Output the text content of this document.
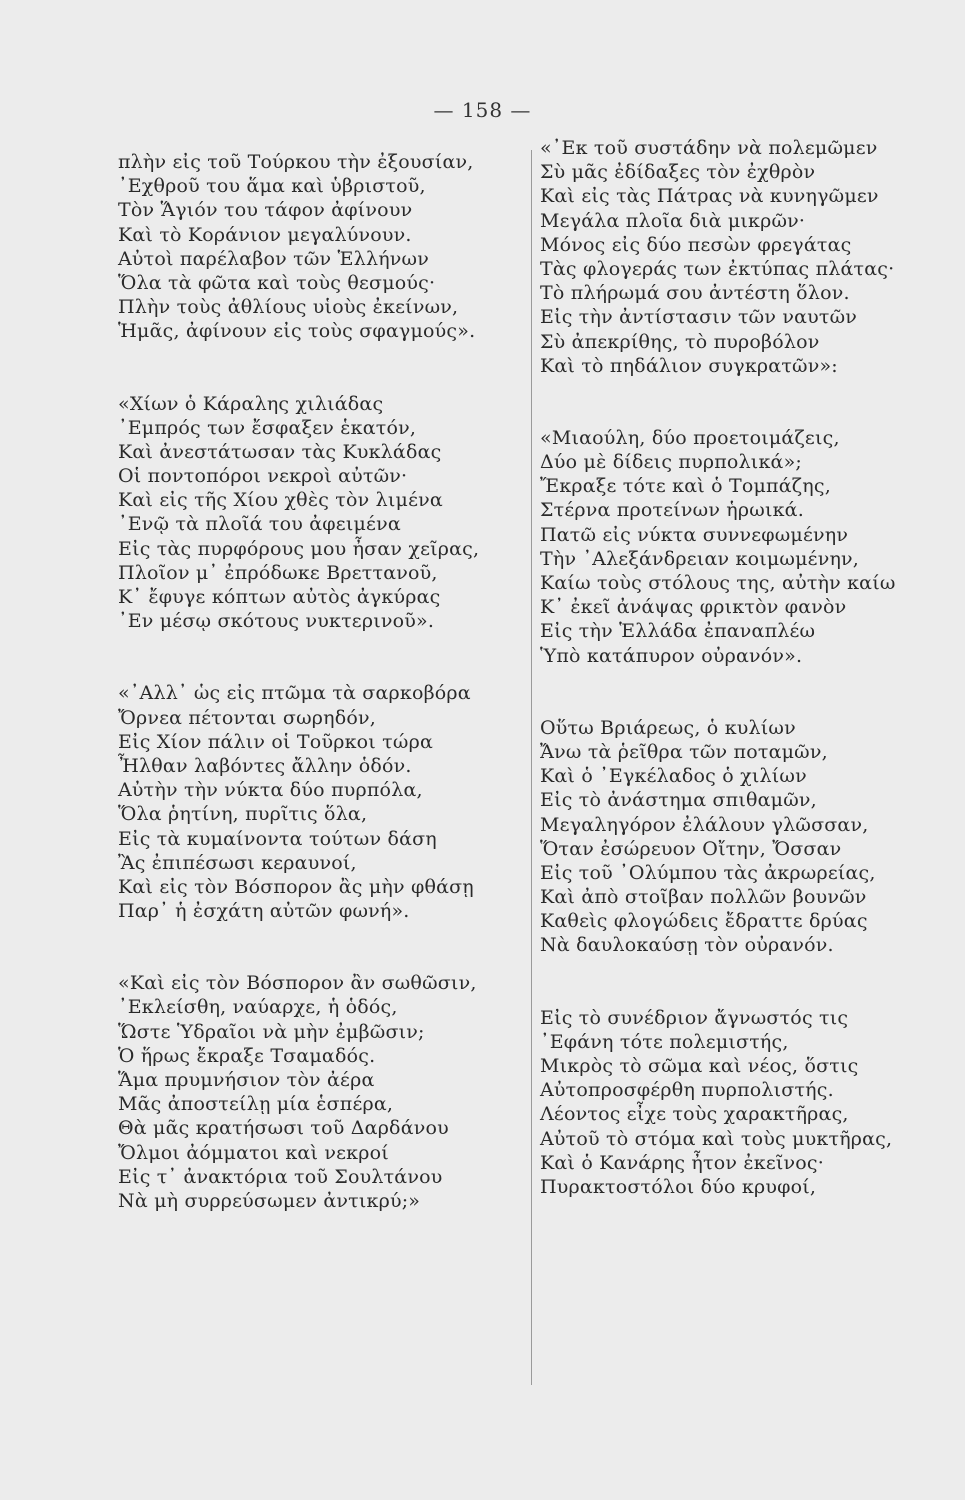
— 158 —
πλὴν εἰς τοῦ Τούρκου τὴν ἐξουσίαν,
᾿Εχθροῦ του ἅμα καὶ ὑβριστοῦ,
Τὸν Ἅγιόν του τάφον ἀφίνουν
Καὶ τὸ Κοράνιον μεγαλύνουν.
Αὐτοὶ παρέλαβον τῶν Ἑλλήνων
Ὅλα τὰ φῶτα καὶ τοὺς θεσμούς·
Πλὴν τοὺς ἀθλίους υἱοὺς ἐκείνων,
Ἡμᾶς, ἀφίνουν εἰς τοὺς σφαγμούς».
«Χίων ὁ Κάραλης χιλιάδας
᾿Εμπρός των ἔσφαξεν ἑκατόν,
Καὶ ἀνεστάτωσαν τὰς Κυκλάδας
Οἱ ποντοπόροι νεκροὶ αὐτῶν·
Καὶ εἰς τῆς Χίου χθὲς τὸν λιμένα
᾿Ενῷ τὰ πλοῖά του ἀφειμένα
Εἰς τὰς πυρφόρους μου ἦσαν χεῖρας,
Πλοῖον μ᾿ ἐπρόδωκε Βρεττανοῦ,
Κ᾿ ἔφυγε κόπτων αὐτὸς ἀγκύρας
᾿Εν μέσῳ σκότους νυκτερινοῦ».
«᾿Αλλ᾿ ὡς εἰς πτῶμα τὰ σαρκοβόρα
Ὄρνεα πέτονται σωρηδόν,
Εἰς Χίον πάλιν οἱ Τοῦρκοι τώρα
Ἦλθαν λαβόντες ἄλλην ὁδόν.
Αὐτὴν τὴν νύκτα δύο πυρπόλα,
Ὅλα ῥητίνη, πυρῖτις ὅλα,
Εἰς τὰ κυμαίνοντα τούτων δάση
Ἂς ἐπιπέσωσι κεραυνοί,
Καὶ εἰς τὸν Βόσπορον ἂς μὴν φθάσῃ
Παρ᾿ ἡ ἐσχάτη αὐτῶν φωνή».
«Καὶ εἰς τὸν Βόσπορον ἂν σωθῶσιν,
᾿Εκλείσθη, ναύαρχε, ἡ ὁδός,
Ὥστε Ὑδραῖοι νὰ μὴν ἐμβῶσιν;
Ὁ ἥρως ἔκραξε Τσαμαδός.
Ἅμα πρυμνήσιον τὸν ἀέρα
Μᾶς ἀποστείλῃ μία ἑσπέρα,
Θὰ μᾶς κρατήσωσι τοῦ Δαρδάνου
Ὄλμοι ἀόμματοι καὶ νεκροί
Εἰς τ᾿ ἀνακτόρια τοῦ Σουλτάνου
Νὰ μὴ συρρεύσωμεν ἀντικρύ;»
«᾿Εκ τοῦ συστάδην νὰ πολεμῶμεν
Σὺ μᾶς ἐδίδαξες τὸν ἐχθρὸν
Καὶ εἰς τὰς Πάτρας νὰ κυνηγῶμεν
Μεγάλα πλοῖα διὰ μικρῶν·
Μόνος εἰς δύο πεσὼν φρεγάτας
Τὰς φλογεράς των ἐκτύπας πλάτας·
Τὸ πλήρωμά σου ἀντέστη ὅλον.
Εἰς τὴν ἀντίστασιν τῶν ναυτῶν
Σὺ ἀπεκρίθης, τὸ πυροβόλον
Καὶ τὸ πηδάλιον συγκρατῶν»:
«Μιαούλη, δύο προετοιμάζεις,
Δύο μὲ δίδεις πυρπολικά»;
Ἔκραξε τότε καὶ ὁ Τομπάζης,
Στέρνα προτείνων ἡρωικά.
Πατῶ εἰς νύκτα συννεφωμένην
Τὴν ᾿Αλεξάνδρειαν κοιμωμένην,
Καίω τοὺς στόλους της, αὐτὴν καίω
Κ᾿ ἐκεῖ ἀνάψας φρικτὸν φανὸν
Εἰς τὴν Ἑλλάδα ἐπαναπλέω
Ὑπὸ κατάπυρον οὐρανόν».
Οὕτω Βριάρεως, ὁ κυλίων
Ἄνω τὰ ῥεῖθρα τῶν ποταμῶν,
Καὶ ὁ ᾿Εγκέλαδος ὁ χιλίων
Εἰς τὸ ἀνάστημα σπιθαμῶν,
Μεγαληγόρον ἐλάλουν γλῶσσαν,
Ὅταν ἐσώρευον Οἴτην, Ὄσσαν
Εἰς τοῦ ᾿Ολύμπου τὰς ἀκρωρείας,
Καὶ ἀπὸ στοῖβαν πολλῶν βουνῶν
Καθεὶς φλογώδεις ἔδραττε δρύας
Νὰ δαυλοκαύσῃ τὸν οὐρανόν.
Εἰς τὸ συνέδριον ἄγνωστός τις
᾿Εφάνη τότε πολεμιστής,
Μικρὸς τὸ σῶμα καὶ νέος, ὅστις
Αὐτοπροσφέρθη πυρπολιστής.
Λέοντος εἶχε τοὺς χαρακτῆρας,
Αὐτοῦ τὸ στόμα καὶ τοὺς μυκτῆρας,
Καὶ ὁ Κανάρης ἦτον ἐκεῖνος·
Πυρακτοστόλοι δύο κρυφοί,
